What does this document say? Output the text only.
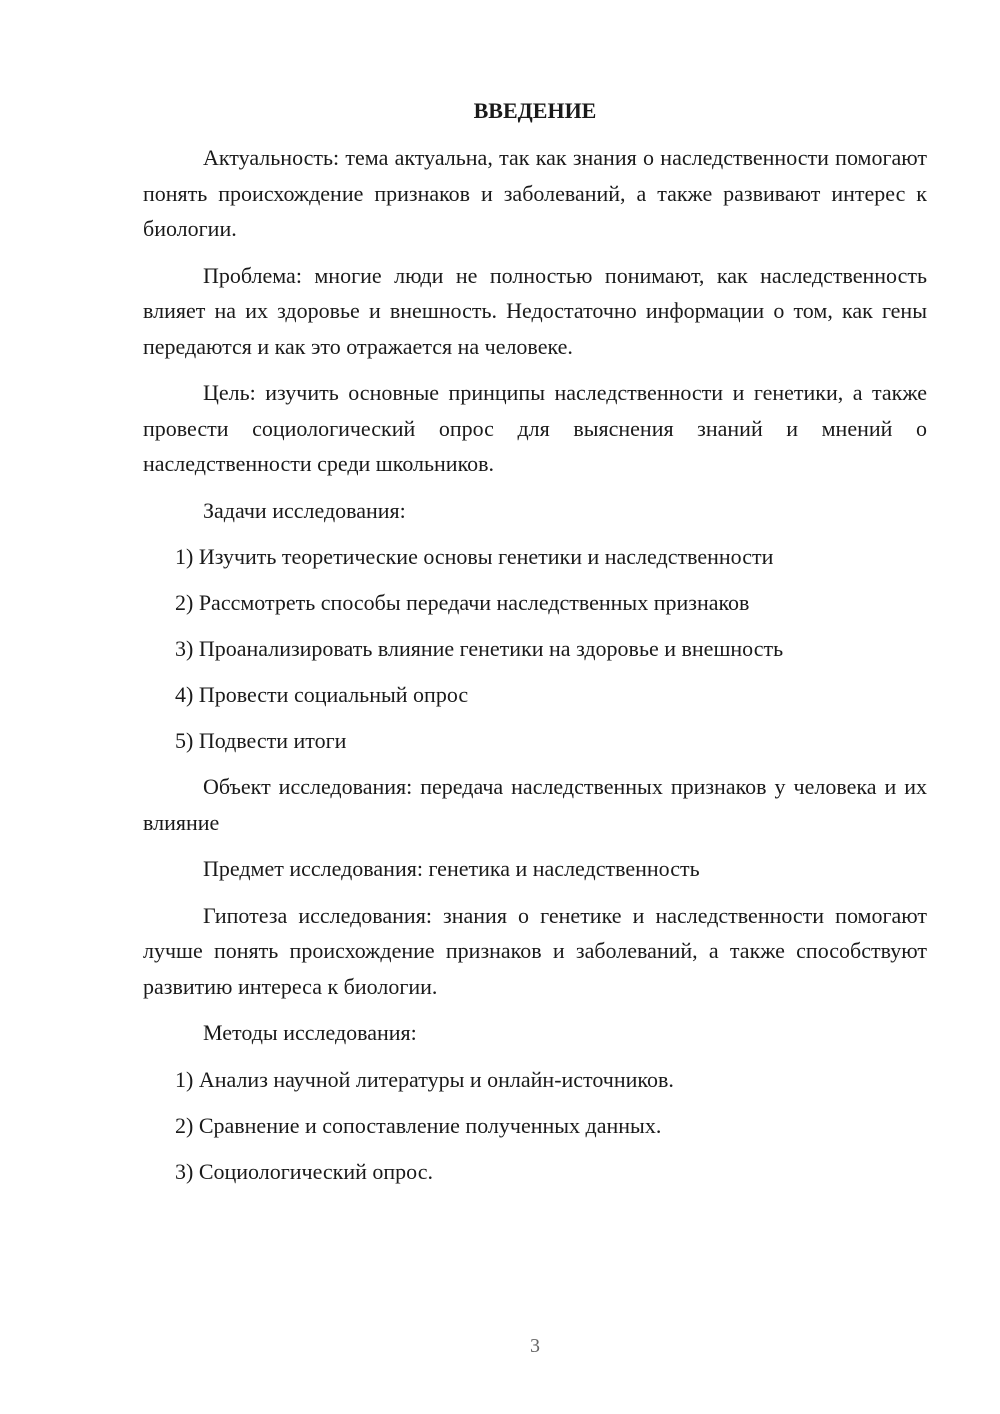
ВВЕДЕНИЕ

Актуальность: тема актуальна, так как знания о наследственности помогают понять происхождение признаков и заболеваний, а также развивают интерес к биологии.

Проблема: многие люди не полностью понимают, как наследственность влияет на их здоровье и внешность. Недостаточно информации о том, как гены передаются и как это отражается на человеке.

Цель: изучить основные принципы наследственности и генетики, а также провести социологический опрос для выяснения знаний и мнений о наследственности среди школьников.

Задачи исследования:

1) Изучить теоретические основы генетики и наследственности

2) Рассмотреть способы передачи наследственных признаков

3) Проанализировать влияние генетики на здоровье и внешность

4) Провести социальный опрос

5) Подвести итоги

Объект исследования: передача наследственных признаков у человека и их влияние

Предмет исследования: генетика и наследственность

Гипотеза исследования: знания о генетике и наследственности помогают лучше понять происхождение признаков и заболеваний, а также способствуют развитию интереса к биологии.

Методы исследования:

1) Анализ научной литературы и онлайн-источников.

2) Сравнение и сопоставление полученных данных.

3) Социологический опрос.

3
